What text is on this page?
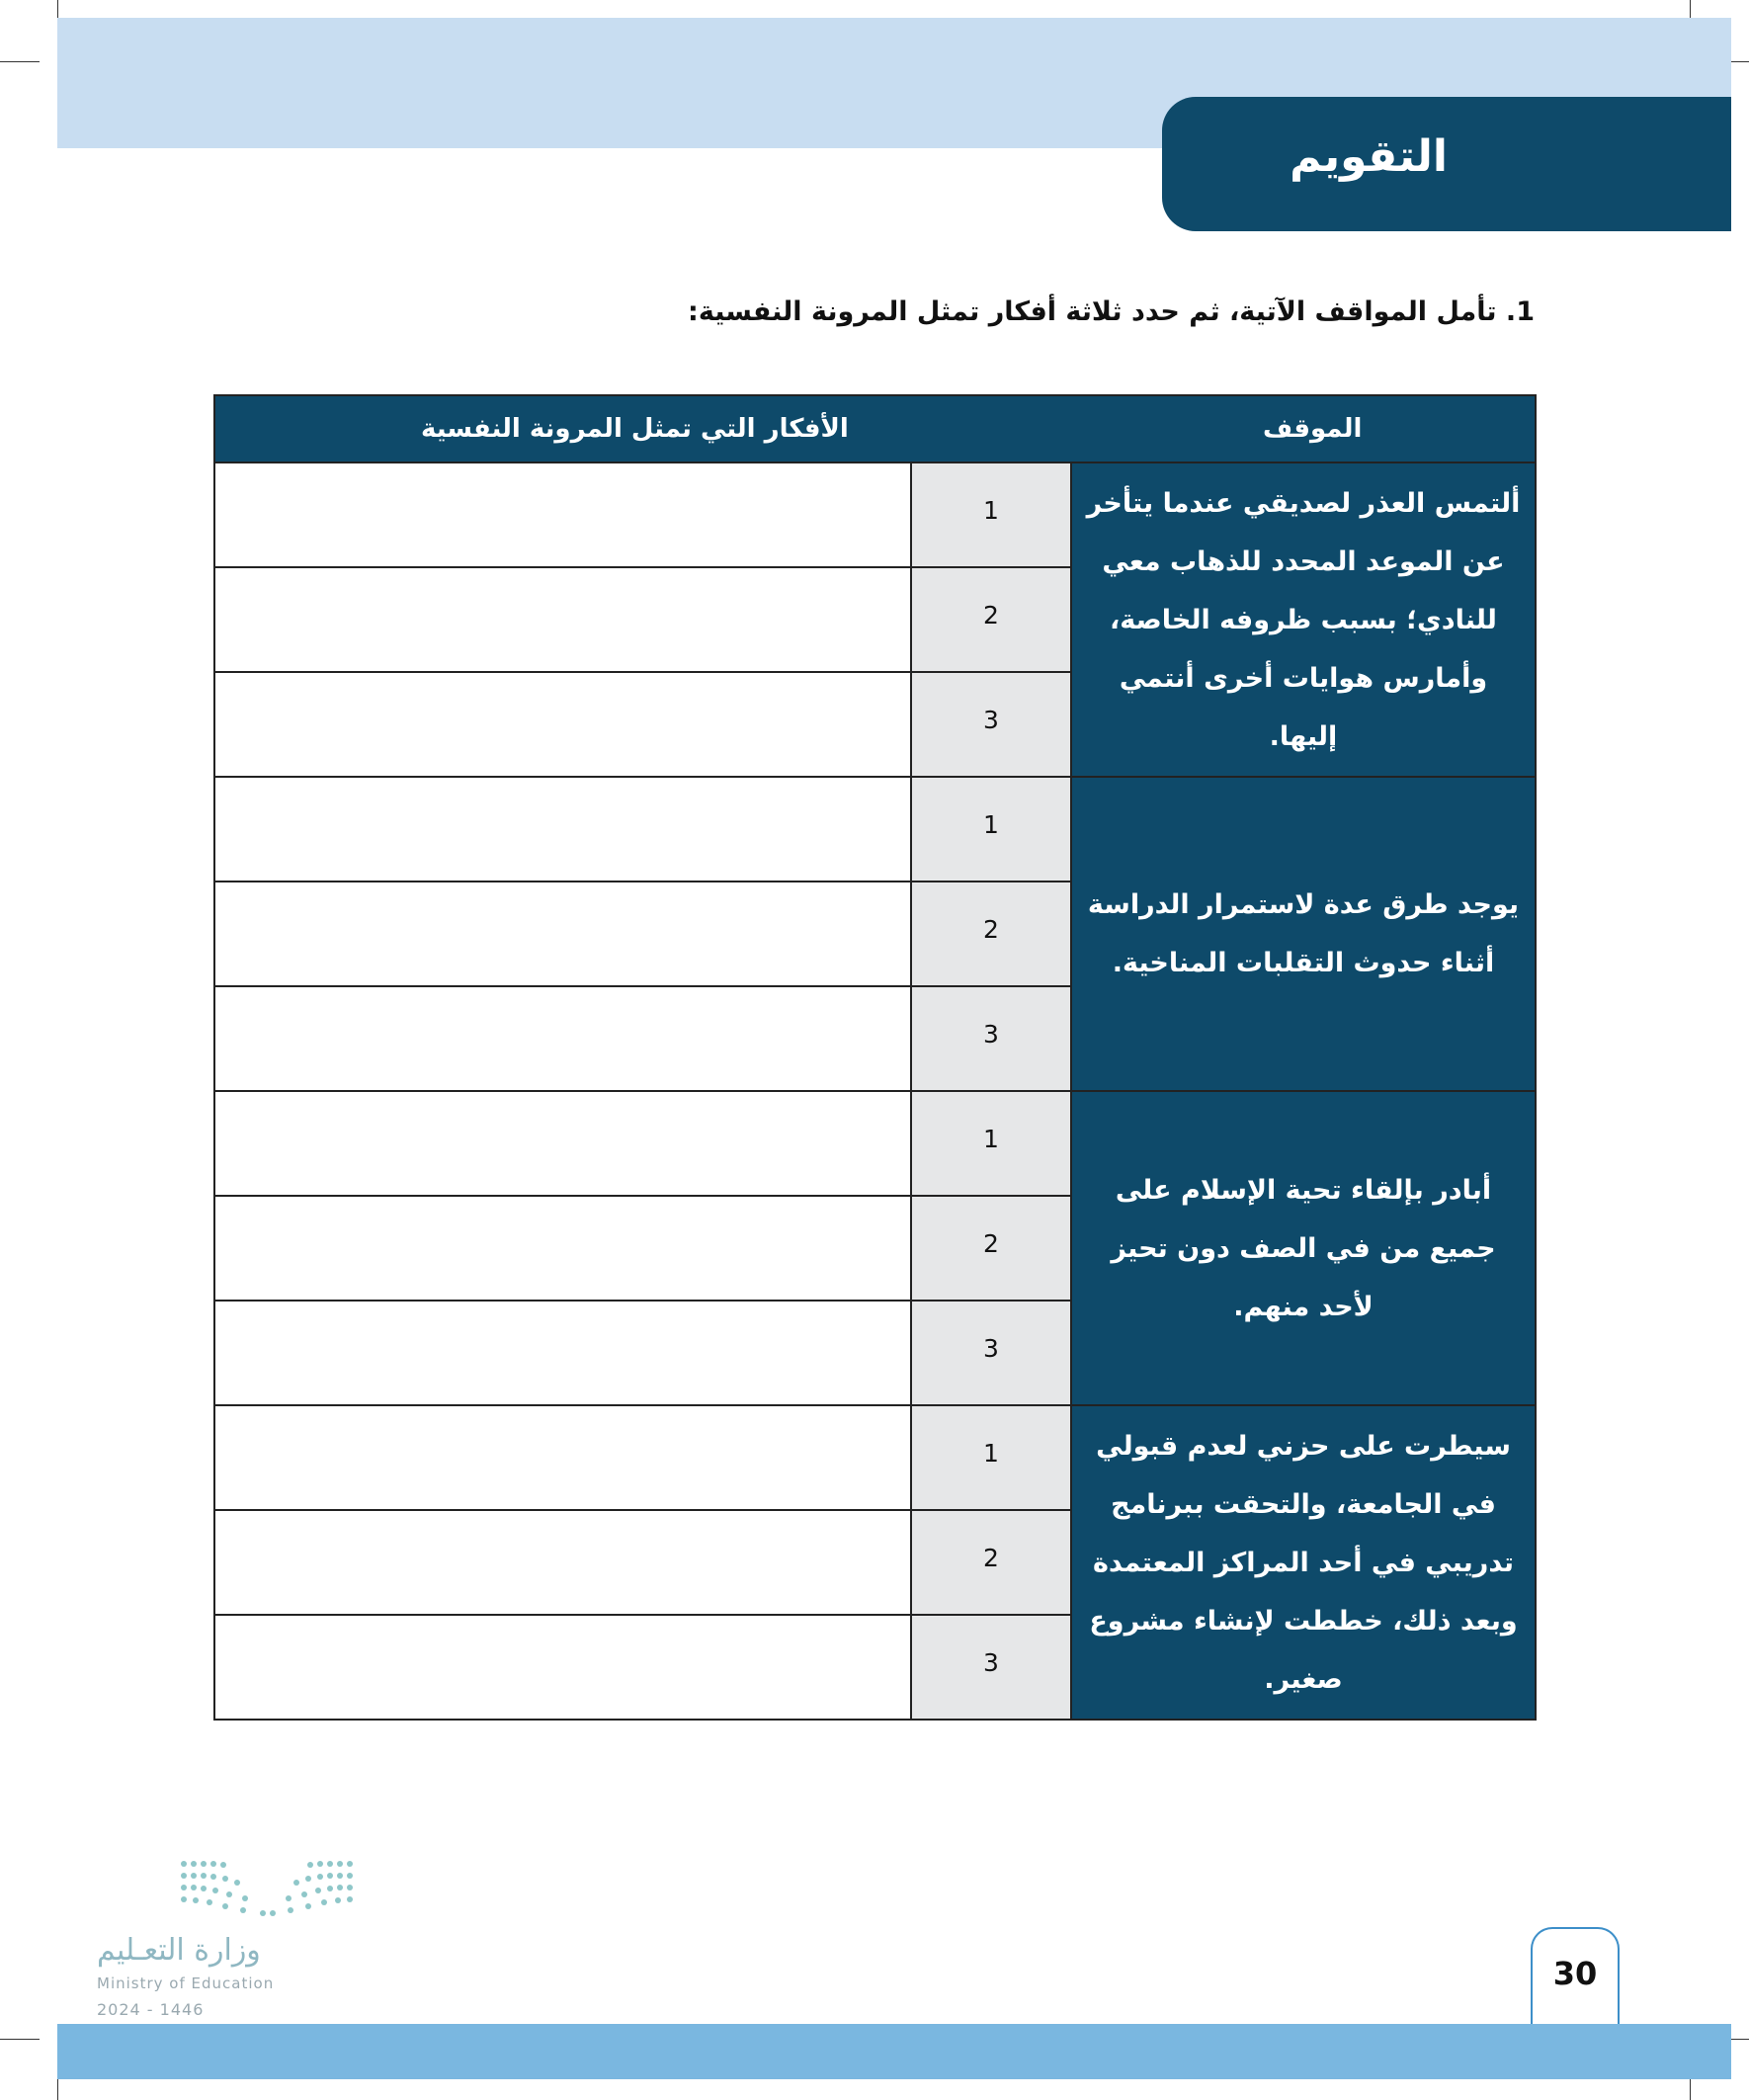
التقويم
1. تأمل المواقف الآتية، ثم حدد ثلاثة أفكار تمثل المرونة النفسية:
الموقف
الأفكار التي تمثل المرونة النفسية
1
2
3
ألتمس العذر لصديقي عندما يتأخر عن الموعد المحدد للذهاب معي للنادي؛ بسبب ظروفه الخاصة، وأمارس هوايات أخرى أنتمي إليها.
1
2
3
يوجد طرق عدة لاستمرار الدراسة أثناء حدوث التقلبات المناخية.
1
2
3
أبادر بإلقاء تحية الإسلام على جميع من في الصف دون تحيز لأحد منهم.
1
2
3
سيطرت على حزني لعدم قبولي في الجامعة، والتحقت ببرنامج تدريبي في أحد المراكز المعتمدة وبعد ذلك، خططت لإنشاء مشروع صغير.
وزارة التعـليم
Ministry of Education
2024 - 1446
30
